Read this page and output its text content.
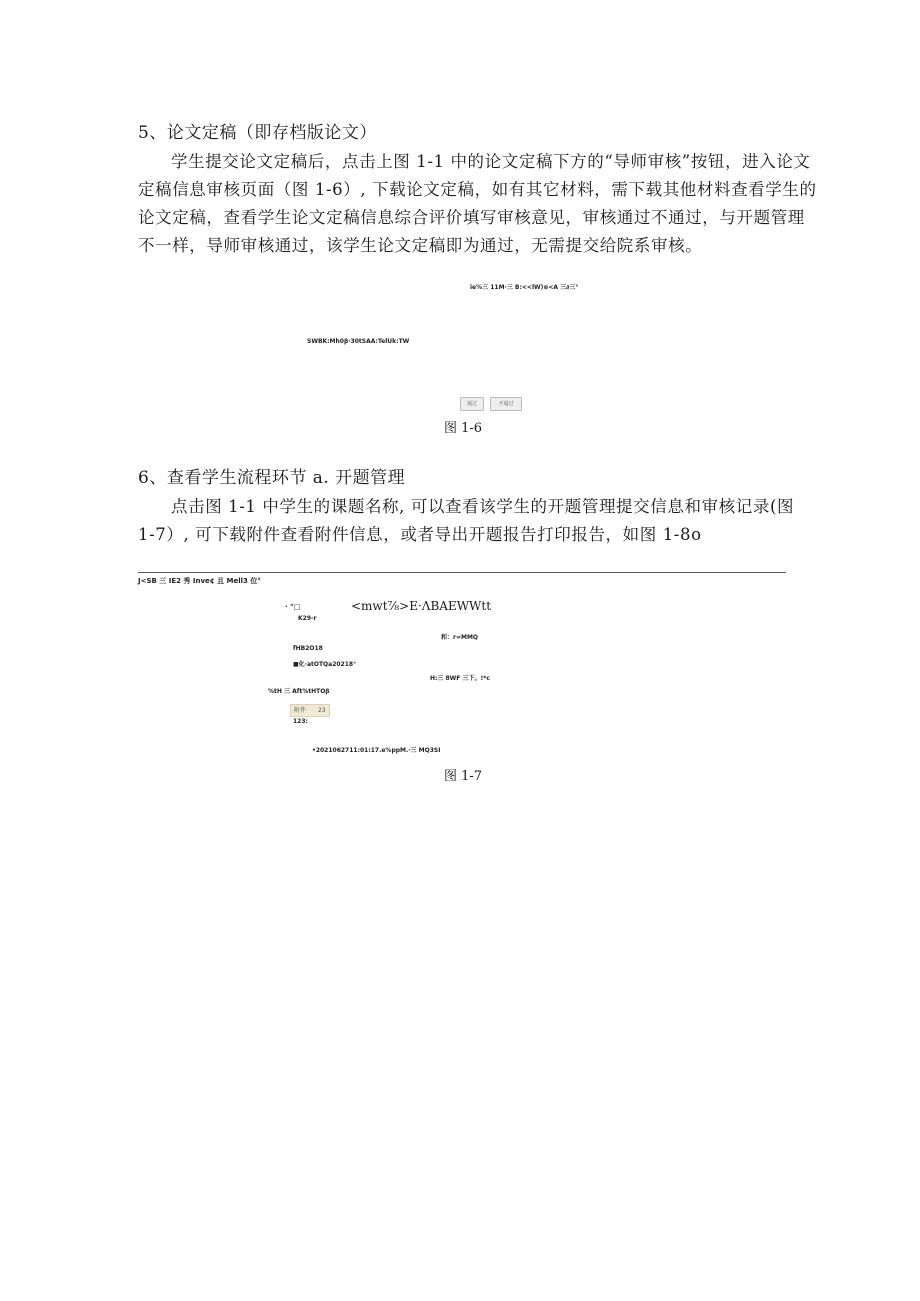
5、论文定稿（即存档版论文）
学生提交论文定稿后，点击上图 1-1 中的论文定稿下方的“导师审核”按钮，进入论文
定稿信息审核页面（图 1-6）, 下载论文定稿，如有其它材料，需下载其他材料查看学生的
论文定稿，查看学生论文定稿信息综合评价填写审核意见，审核通过不通过，与开题管理
不一样，导师审核通过，该学生论文定稿即为通过，无需提交给院系审核。
ie%三 11M·三 B:<<lW)⊕<A 三∂三°
SWBK:Mh0β·30tSAA:TelUk:TW
通过	不通过
图 1-6
6、查看学生流程环节 a. 开题管理
点击图 1-1 中学生的课题名称, 可以查看该学生的开题管理提交信息和审核记录(图
1-7）, 可下载附件查看附件信息，或者导出开题报告打印报告，如图 1-8o
J<SB 三 IE2 秀 Inve¢ 且 Mell3 位°
· "□	<mwt⅞>E·ΛBAEWWtt
K29-r
和：r=MMQ
fHB2O18
■化·atOTQa20218°
H:三 8WF 三下。!*c
%tH 三 Aft%tHTOβ
附件 23
123:
•20210627​11:01:17.e%ppM.·三 MQ3SI
图 1-7
